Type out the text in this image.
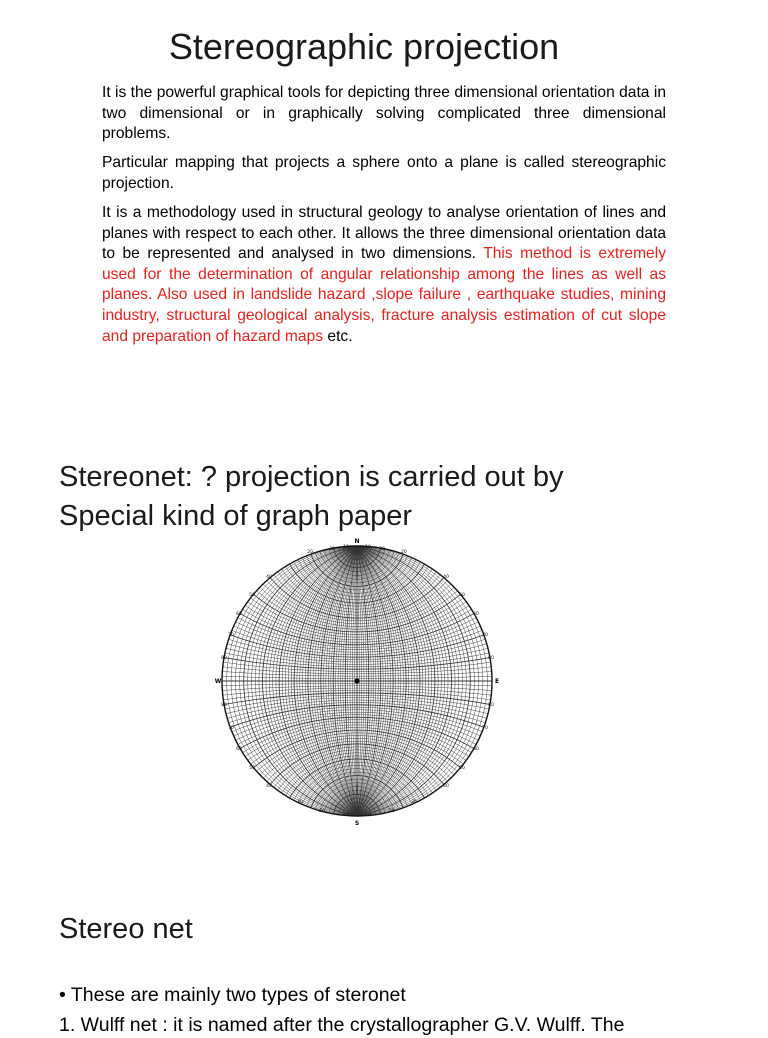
Stereographic projection

It is the powerful graphical tools for depicting three dimensional orientation data in two dimensional or in graphically solving complicated three dimensional problems.

Particular mapping that projects a sphere onto a plane is called stereographic projection.

It is a methodology used in structural geology to analyse orientation of lines and planes with respect to each other. It allows the three dimensional orientation data to be represented and analysed in two dimensions. This method is extremely used for the determination of angular relationship among the lines as well as planes. Also used in landslide hazard ,slope failure , earthquake studies, mining industry, structural geological analysis, fracture analysis estimation of cut slope and preparation of hazard maps etc.

Stereonet: ? projection is carried out by
Special kind of graph paper
N
S
E
W
10	10
20	20
30	30
40	40
50	50
60	60
70	70
80	80
80	80
70	70
60	60
50	50
40	40
30	30
20	20
10	10
Stereo net

• These are mainly two types of steronet

1. Wulff net : it is named after the crystallographer G.V. Wulff. The
